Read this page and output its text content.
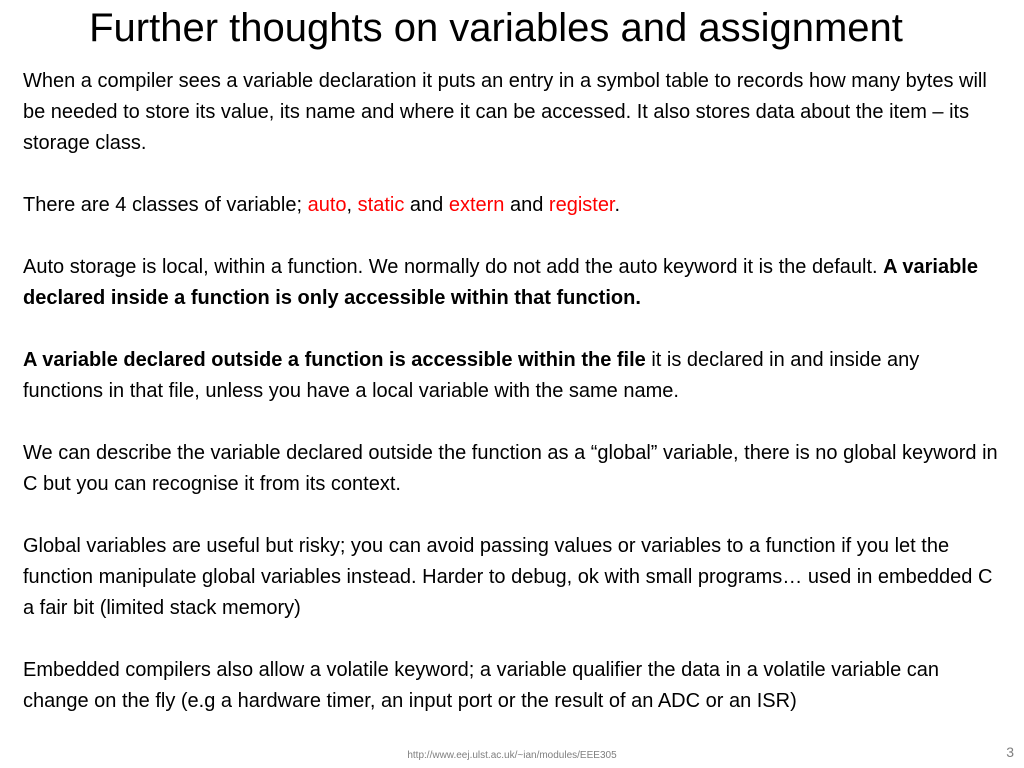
Further thoughts on variables and assignment

When a compiler sees a variable declaration it puts an entry in a symbol table to records how many bytes will be needed to store its value, its name and where it can be accessed. It also stores data about the item – its storage class.

There are 4 classes of variable; auto, static and extern and register.

Auto storage is local, within a function. We normally do not add the auto keyword it is the default. A variable declared inside a function is only accessible within that function.

A variable declared outside a function is accessible within the file it is declared in and inside any functions in that file, unless you have a local variable with the same name.

We can describe the variable declared outside the function as a “global” variable, there is no global keyword in C but you can recognise it from its context.

Global variables are useful but risky; you can avoid passing values or variables to a function if you let the function manipulate global variables instead. Harder to debug, ok with small programs… used in embedded C a fair bit (limited stack memory)

Embedded compilers also allow a volatile keyword; a variable qualifier the data in a volatile variable can change on the fly (e.g a hardware timer, an input port or the result of an ADC or an ISR)

http://www.eej.ulst.ac.uk/~ian/modules/EEE305	3
